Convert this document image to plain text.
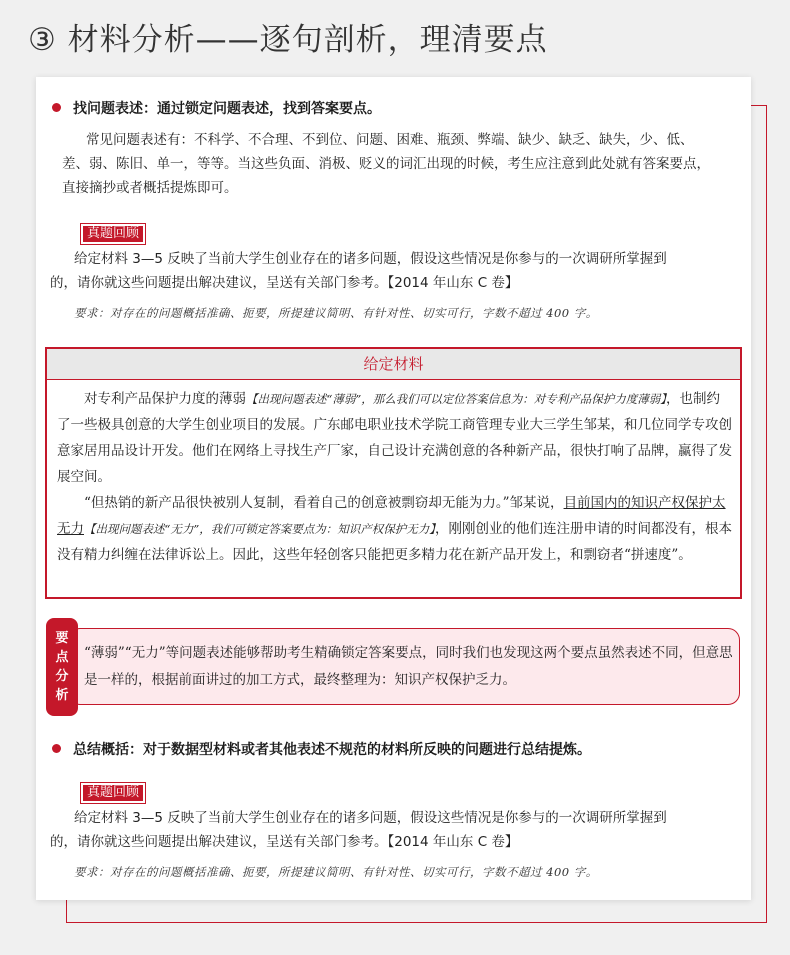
③ 材料分析——逐句剖析，理清要点
找问题表述：通过锁定问题表述，找到答案要点。
常见问题表述有：不科学、不合理、不到位、问题、困难、瓶颈、弊端、缺少、缺乏、缺失，少、低、
差、弱、陈旧、单一，等等。当这些负面、消极、贬义的词汇出现的时候，考生应注意到此处就有答案要点，
直接摘抄或者概括提炼即可。
真题回顾
给定材料 3—5 反映了当前大学生创业存在的诸多问题，假设这些情况是你参与的一次调研所掌握到
的，请你就这些问题提出解决建议，呈送有关部门参考。【2014 年山东 C 卷】
要求：对存在的问题概括准确、扼要，所提建议简明、有针对性、切实可行，字数不超过 400 字。
给定材料
对专利产品保护力度的薄弱【出现问题表述“薄弱”，那么我们可以定位答案信息为：对专利产品保护力度薄弱】，也制约了一些极具创意的大学生创业项目的发展。广东邮电职业技术学院工商管理专业大三学生邹某，和几位同学专攻创意家居用品设计开发。他们在网络上寻找生产厂家，自己设计充满创意的各种新产品，很快打响了品牌，赢得了发展空间。
“但热销的新产品很快被别人复制，看着自己的创意被剽窃却无能为力。”邹某说，目前国内的知识产权保护太无力【出现问题表述“无力”，我们可锁定答案要点为：知识产权保护无力】，刚刚创业的他们连注册申请的时间都没有，根本没有精力纠缠在法律诉讼上。因此，这些年轻创客只能把更多精力花在新产品开发上，和剽窃者“拼速度”。
要
点
分
析
“薄弱”“无力”等问题表述能够帮助考生精确锁定答案要点，同时我们也发现这两个要点虽然表述不同，但意思是一样的，根据前面讲过的加工方式，最终整理为：知识产权保护乏力。
总结概括：对于数据型材料或者其他表述不规范的材料所反映的问题进行总结提炼。
真题回顾
给定材料 3—5 反映了当前大学生创业存在的诸多问题，假设这些情况是你参与的一次调研所掌握到
的，请你就这些问题提出解决建议，呈送有关部门参考。【2014 年山东 C 卷】
要求：对存在的问题概括准确、扼要，所提建议简明、有针对性、切实可行，字数不超过 400 字。
